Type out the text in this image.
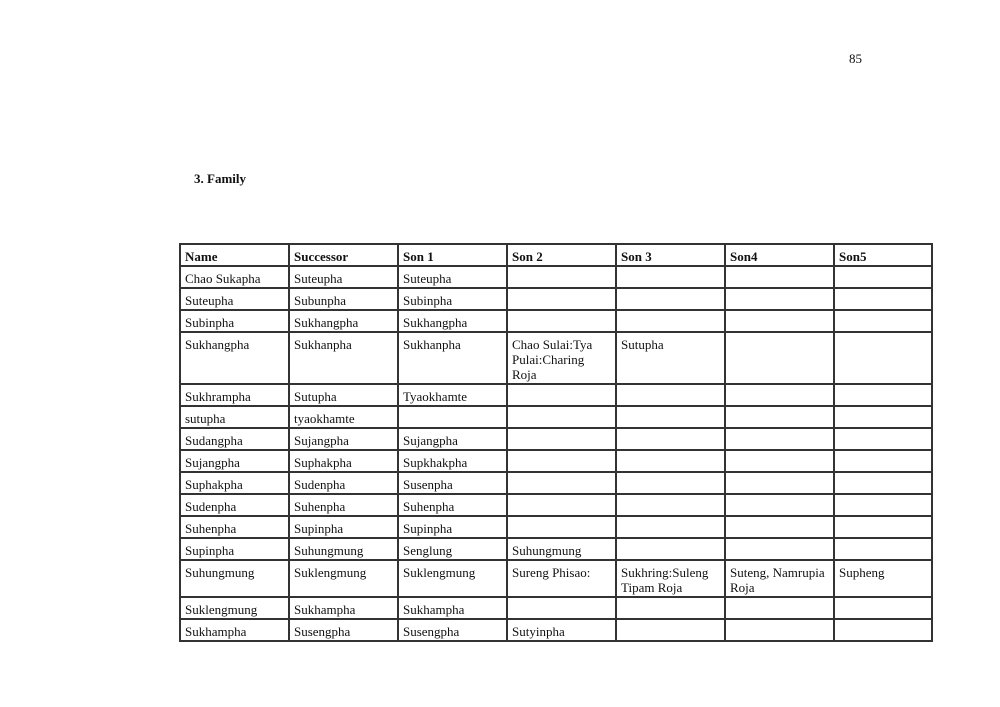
85
3. Family
Name	Successor	Son 1	Son 2	Son 3	Son4	Son5
Chao Sukapha	Suteupha	Suteupha				
Suteupha	Subunpha	Subinpha				
Subinpha	Sukhangpha	Sukhangpha				
Sukhangpha	Sukhanpha	Sukhanpha	Chao Sulai:Tya Pulai:Charing Roja	Sutupha		
Sukhrampha	Sutupha	Tyaokhamte				
sutupha	tyaokhamte					
Sudangpha	Sujangpha	Sujangpha				
Sujangpha	Suphakpha	Supkhakpha				
Suphakpha	Sudenpha	Susenpha				
Sudenpha	Suhenpha	Suhenpha				
Suhenpha	Supinpha	Supinpha				
Supinpha	Suhungmung	Senglung	Suhungmung			
Suhungmung	Suklengmung	Suklengmung	Sureng Phisao:	Sukhring:Suleng Tipam Roja	Suteng, Namrupia Roja	Supheng
Suklengmung	Sukhampha	Sukhampha				
Sukhampha	Susengpha	Susengpha	Sutyinpha			
